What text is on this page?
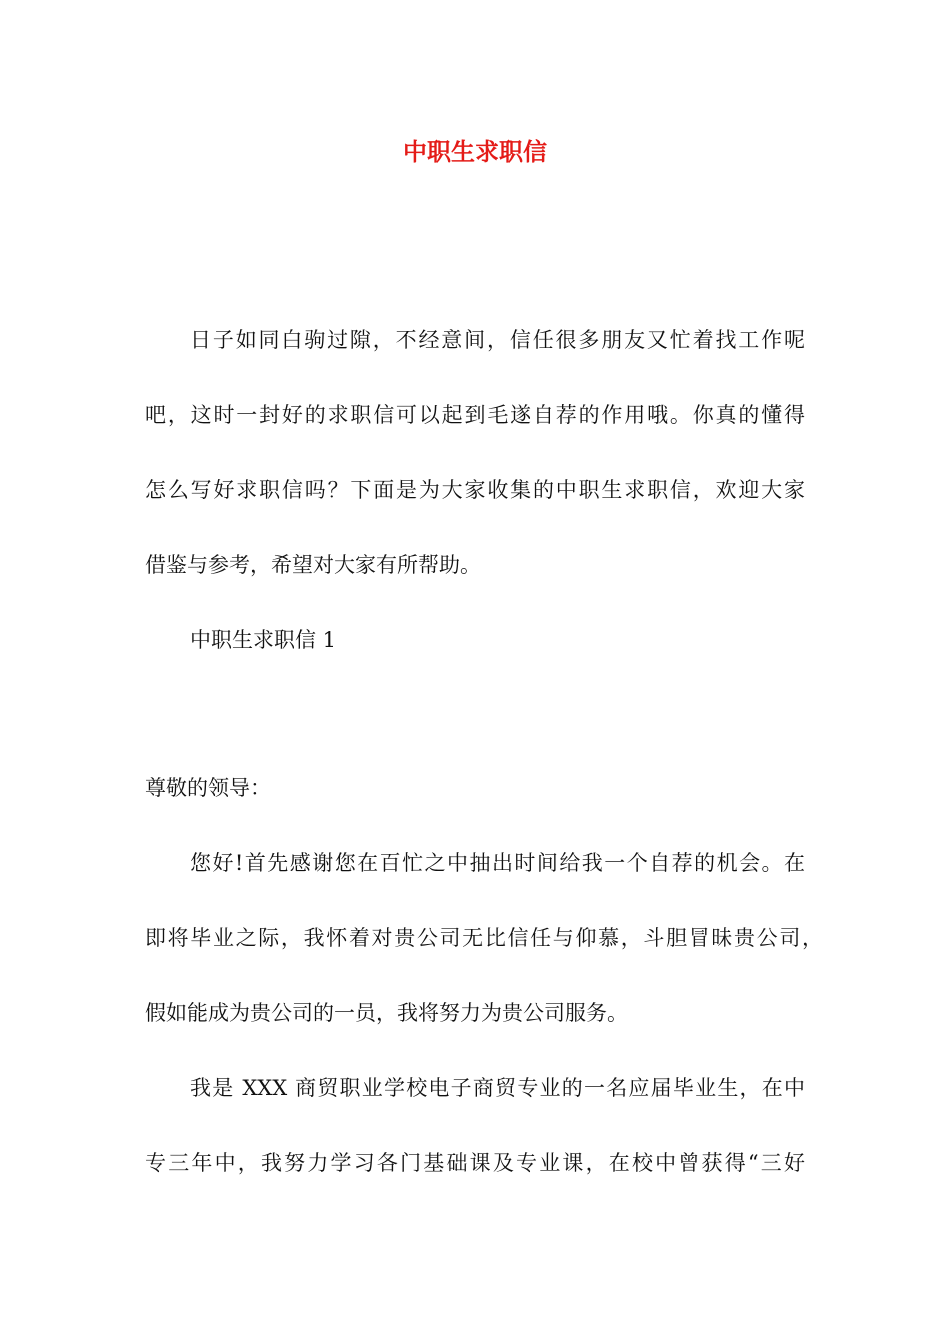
中职生求职信

日子如同白驹过隙，不经意间，信任很多朋友又忙着找工作呢

吧，这时一封好的求职信可以起到毛遂自荐的作用哦。你真的懂得

怎么写好求职信吗？下面是为大家收集的中职生求职信，欢迎大家

借鉴与参考，希望对大家有所帮助。

中职生求职信 1

尊敬的领导：

您好!首先感谢您在百忙之中抽出时间给我一个自荐的机会。在

即将毕业之际，我怀着对贵公司无比信任与仰慕，斗胆冒昧贵公司，

假如能成为贵公司的一员，我将努力为贵公司服务。

我是 XXX 商贸职业学校电子商贸专业的一名应届毕业生，在中

专三年中，我努力学习各门基础课及专业课，在校中曾获得“三好
